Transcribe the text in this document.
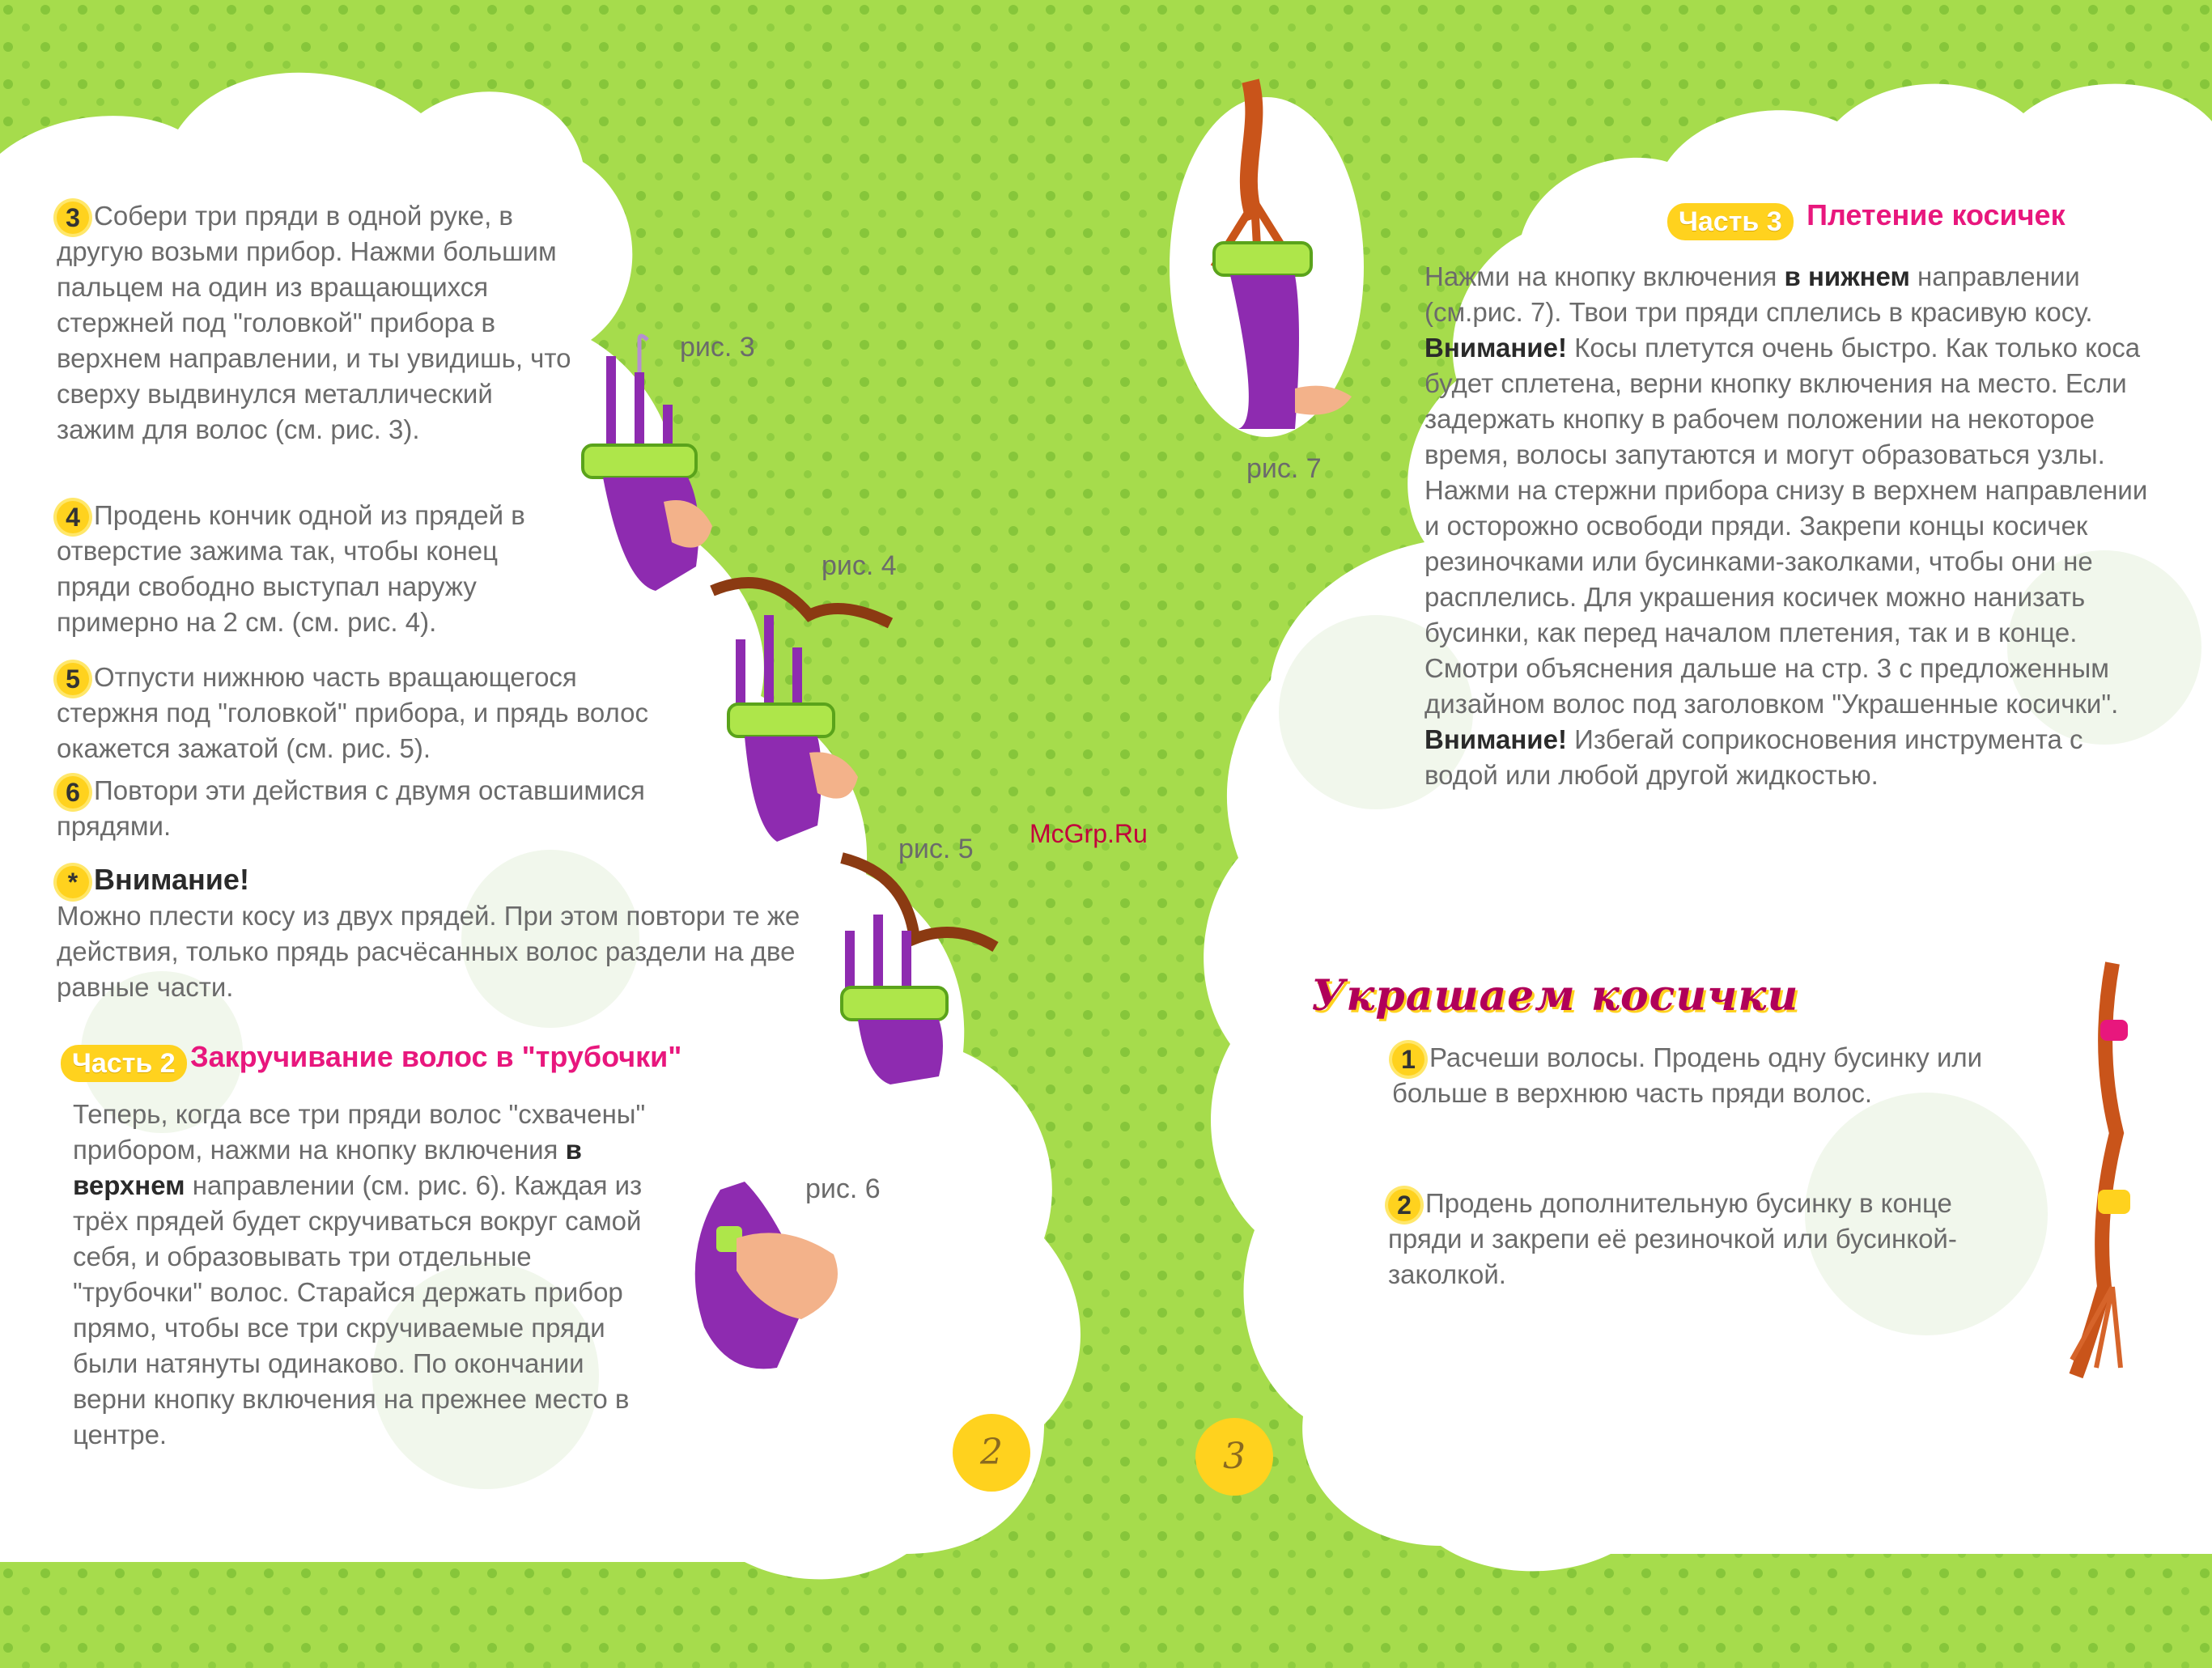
3 Собери три пряди в одной руке, в другую возьми прибор. Нажми большим пальцем на один из вращающихся стержней под "головкой" прибора в верхнем направлении, и ты увидишь, что сверху выдвинулся металлический зажим для волос (см. рис. 3).
4 Продень кончик одной из прядей в отверстие зажима так, чтобы конец пряди свободно выступал наружу примерно на 2 см. (см. рис. 4).
5 Отпусти нижнюю часть вращающегося стержня под "головкой" прибора, и прядь волос окажется зажатой (см. рис. 5).
6 Повтори эти действия с двумя оставшимися прядями.
* Внимание!
Можно плести косу из двух прядей. При этом повтори те же действия, только прядь расчёсанных волос раздели на две равные части.
Часть 2 Закручивание волос в "трубочки"
Теперь, когда все три пряди волос "схвачены" прибором, нажми на кнопку включения в верхнем направлении (см. рис. 6). Каждая из трёх прядей будет скручиваться вокруг самой себя, и образовывать три отдельные "трубочки" волос. Старайся держать прибор прямо, чтобы все три скручиваемые пряди были натянуты одинаково. По окончании верни кнопку включения на прежнее место в центре.
рис. 3
рис. 4
рис. 5
рис. 6
2
Часть 3 Плетение косичек
Нажми на кнопку включения в нижнем направлении (см.рис. 7). Твои три пряди сплелись в красивую косу. Внимание! Косы плетутся очень быстро. Как только коса будет сплетена, верни кнопку включения на место. Если задержать кнопку в рабочем положении на некоторое время, волосы запутаются и могут образоваться узлы. Нажми на стержни прибора снизу в верхнем направлении и осторожно освободи пряди. Закрепи концы косичек резиночками или бусинками-заколками, чтобы они не расплелись. Для украшения косичек можно нанизать бусинки, как перед началом плетения, так и в конце. Смотри объяснения дальше на стр. 3 с предложенным дизайном волос под заголовком "Украшенные косички". Внимание! Избегай соприкосновения инструмента с водой или любой другой жидкостью.
рис. 7
Украшаем косички
1 Расчеши волосы. Продень одну бусинку или больше в верхнюю часть пряди волос.
2 Продень дополнительную бусинку в конце пряди и закрепи её резиночкой или бусинкой-заколкой.
3
McGrp.Ru
